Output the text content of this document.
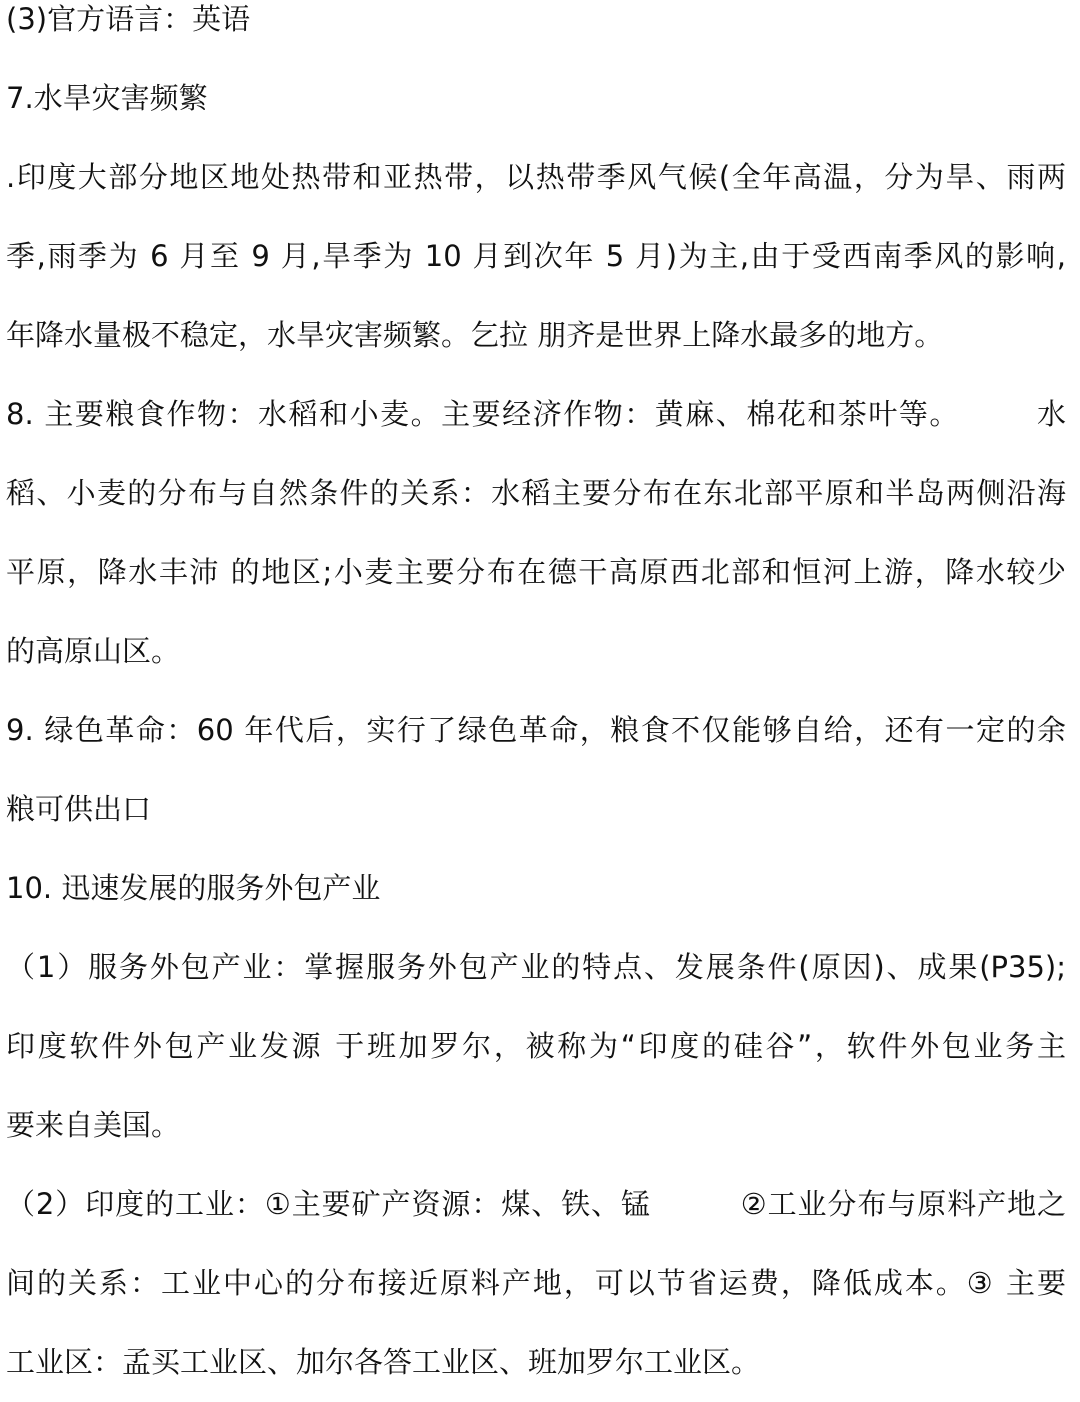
(3)官方语言：英语
7.水旱灾害频繁
.印度大部分地区地处热带和亚热带，以热带季风气候(全年高温，分为旱、雨两
季,雨季为 6 月至 9 月,旱季为 10 月到次年 5 月)为主,由于受西南季风的影响,
年降水量极不稳定，水旱灾害频繁。乞拉 朋齐是世界上降水最多的地方。
8. 主要粮食作物：水稻和小麦。主要经济作物：黄麻、棉花和茶叶等。　　　水
稻、小麦的分布与自然条件的关系：水稻主要分布在东北部平原和半岛两侧沿海
平原，降水丰沛 的地区;小麦主要分布在德干高原西北部和恒河上游，降水较少
的高原山区。
9. 绿色革命：60 年代后，实行了绿色革命，粮食不仅能够自给，还有一定的余
粮可供出口
10. 迅速发展的服务外包产业
（1）服务外包产业：掌握服务外包产业的特点、发展条件(原因)、成果(P35);
印度软件外包产业发源 于班加罗尔，被称为“印度的硅谷”，软件外包业务主
要来自美国。
（2）印度的工业：①主要矿产资源：煤、铁、锰　　　②工业分布与原料产地之
间的关系：工业中心的分布接近原料产地，可以节省运费，降低成本。③ 主要
工业区：孟买工业区、加尔各答工业区、班加罗尔工业区。
